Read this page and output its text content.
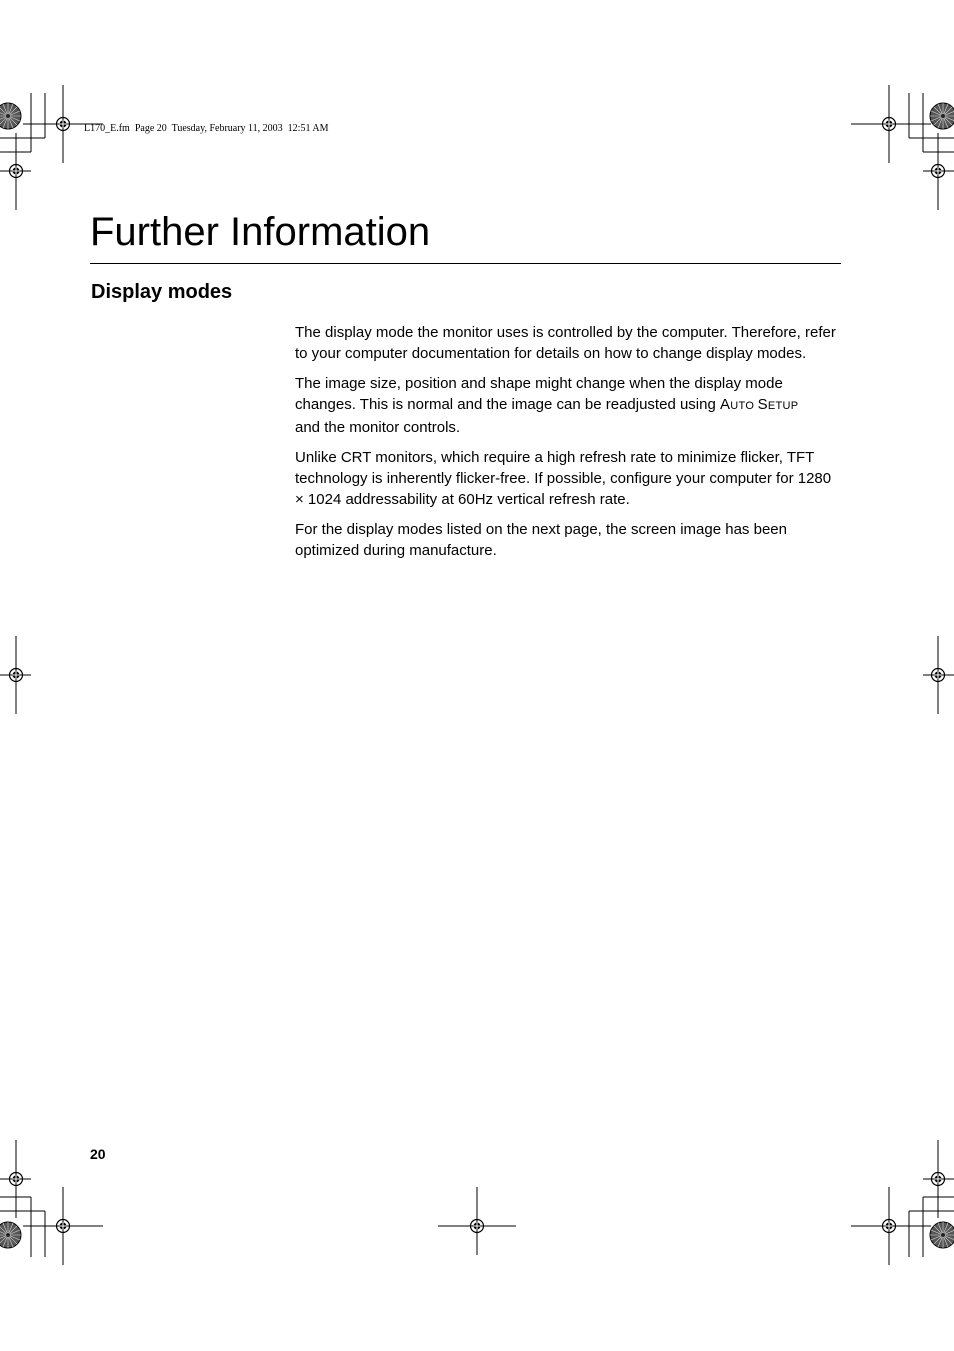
L170_E.fm  Page 20  Tuesday, February 11, 2003  12:51 AM
Further Information
Display modes

The display mode the monitor uses is controlled by the computer. Therefore, refer to your computer documentation for details on how to change display modes.

The image size, position and shape might change when the display mode changes. This is normal and the image can be readjusted using AUTO SETUP
and the monitor controls.

Unlike CRT monitors, which require a high refresh rate to minimize flicker, TFT technology is inherently flicker-free. If possible, configure your computer for 1280 × 1024 addressability at 60Hz vertical refresh rate.

For the display modes listed on the next page, the screen image has been optimized during manufacture.

20
